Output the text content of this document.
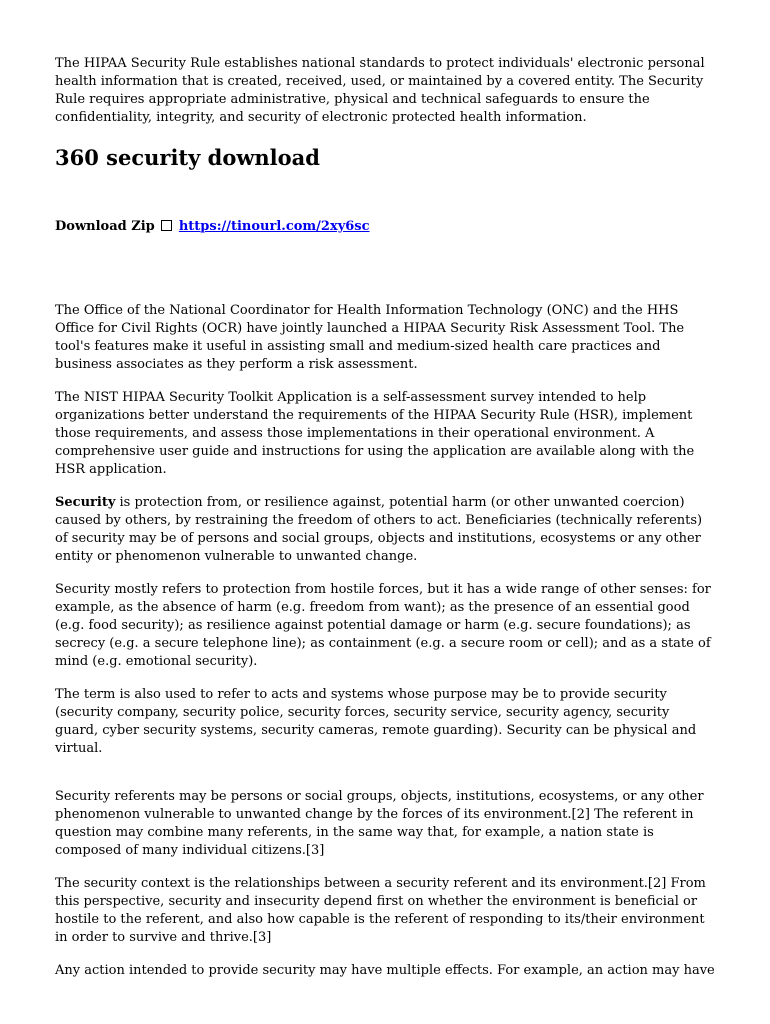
The HIPAA Security Rule establishes national standards to protect individuals' electronic personal health information that is created, received, used, or maintained by a covered entity. The Security Rule requires appropriate administrative, physical and technical safeguards to ensure the confidentiality, integrity, and security of electronic protected health information.

360 security download
Download Zip https://tinourl.com/2xy6sc

The Office of the National Coordinator for Health Information Technology (ONC) and the HHS Office for Civil Rights (OCR) have jointly launched a HIPAA Security Risk Assessment Tool. The tool's features make it useful in assisting small and medium-sized health care practices and business associates as they perform a risk assessment.

The NIST HIPAA Security Toolkit Application is a self-assessment survey intended to help organizations better understand the requirements of the HIPAA Security Rule (HSR), implement those requirements, and assess those implementations in their operational environment. A comprehensive user guide and instructions for using the application are available along with the HSR application.

Security is protection from, or resilience against, potential harm (or other unwanted coercion) caused by others, by restraining the freedom of others to act. Beneficiaries (technically referents) of security may be of persons and social groups, objects and institutions, ecosystems or any other entity or phenomenon vulnerable to unwanted change.

Security mostly refers to protection from hostile forces, but it has a wide range of other senses: for example, as the absence of harm (e.g. freedom from want); as the presence of an essential good (e.g. food security); as resilience against potential damage or harm (e.g. secure foundations); as secrecy (e.g. a secure telephone line); as containment (e.g. a secure room or cell); and as a state of mind (e.g. emotional security).

The term is also used to refer to acts and systems whose purpose may be to provide security (security company, security police, security forces, security service, security agency, security guard, cyber security systems, security cameras, remote guarding). Security can be physical and virtual.

Security referents may be persons or social groups, objects, institutions, ecosystems, or any other phenomenon vulnerable to unwanted change by the forces of its environment.[2] The referent in question may combine many referents, in the same way that, for example, a nation state is composed of many individual citizens.[3]

The security context is the relationships between a security referent and its environment.[2] From this perspective, security and insecurity depend first on whether the environment is beneficial or hostile to the referent, and also how capable is the referent of responding to its/their environment in order to survive and thrive.[3]

Any action intended to provide security may have multiple effects. For example, an action may have
